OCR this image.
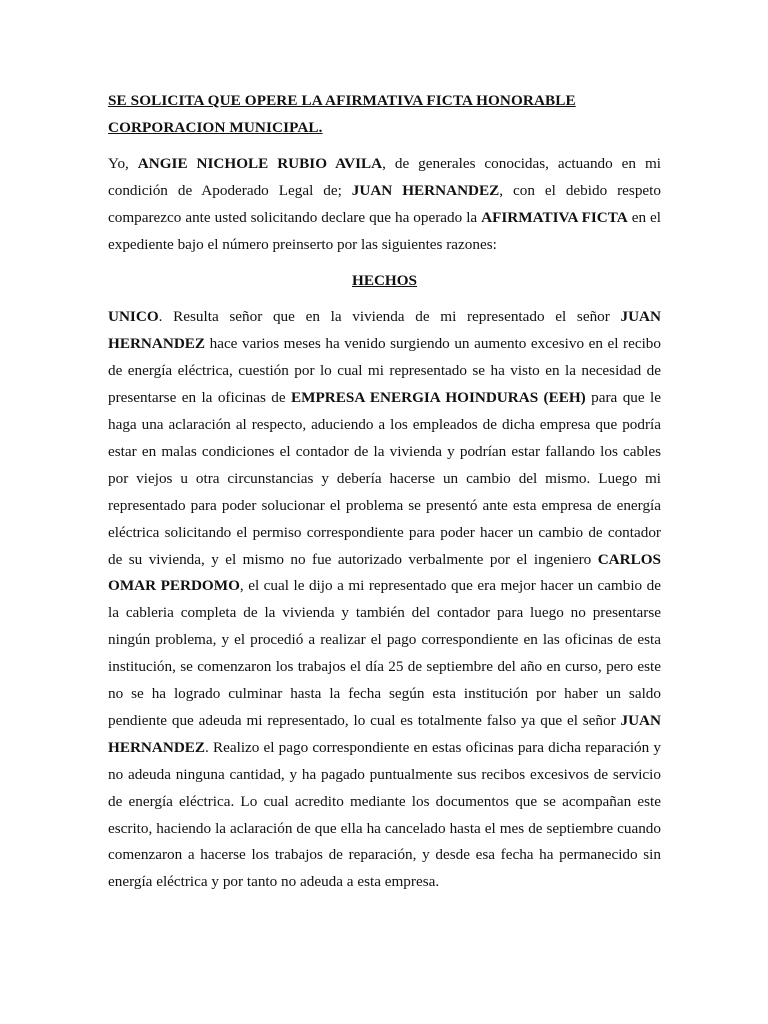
SE SOLICITA QUE OPERE LA AFIRMATIVA FICTA HONORABLE
CORPORACION MUNICIPAL.

Yo, ANGIE NICHOLE RUBIO AVILA, de generales conocidas, actuando en mi condición de Apoderado Legal de; JUAN HERNANDEZ, con el debido respeto comparezco ante usted solicitando declare que ha operado la AFIRMATIVA FICTA en el expediente bajo el número preinserto por las siguientes razones:

HECHOS

UNICO. Resulta señor que en la vivienda de mi representado el señor JUAN HERNANDEZ hace varios meses ha venido surgiendo un aumento excesivo en el recibo de energía eléctrica, cuestión por lo cual mi representado se ha visto en la necesidad de presentarse en la oficinas de EMPRESA ENERGIA HOINDURAS (EEH) para que le haga una aclaración al respecto, aduciendo a los empleados de dicha empresa que podría estar en malas condiciones el contador de la vivienda y podrían estar fallando los cables por viejos u otra circunstancias y debería hacerse un cambio del mismo. Luego mi representado para poder solucionar el problema se presentó ante esta empresa de energía eléctrica solicitando el permiso correspondiente para poder hacer un cambio de contador de su vivienda, y el mismo no fue autorizado verbalmente por el ingeniero CARLOS OMAR PERDOMO, el cual le dijo a mi representado que era mejor hacer un cambio de la cableria completa de la vivienda y también del contador para luego no presentarse ningún problema, y el procedió a realizar el pago correspondiente en las oficinas de esta institución, se comenzaron los trabajos el día 25 de septiembre del año en curso, pero este no se ha logrado culminar hasta la fecha según esta institución por haber un saldo pendiente que adeuda mi representado, lo cual es totalmente falso ya que el señor JUAN HERNANDEZ. Realizo el pago correspondiente en estas oficinas para dicha reparación y no adeuda ninguna cantidad, y ha pagado puntualmente sus recibos excesivos de servicio de energía eléctrica. Lo cual acredito mediante los documentos que se acompañan este escrito, haciendo la aclaración de que ella ha cancelado hasta el mes de septiembre cuando comenzaron a hacerse los trabajos de reparación, y desde esa fecha ha permanecido sin energía eléctrica y por tanto no adeuda a esta empresa.
